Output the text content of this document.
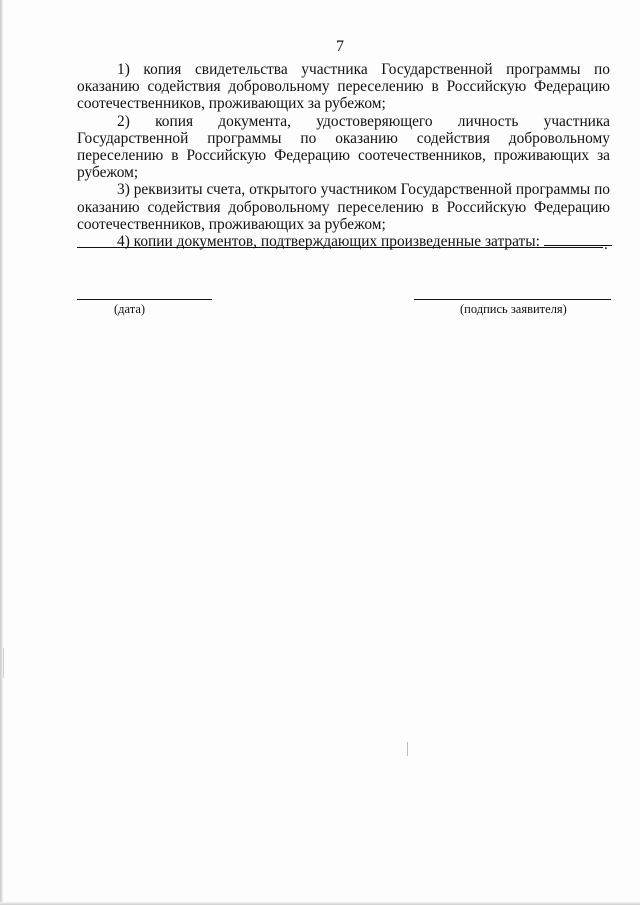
7

1) копия свидетельства участника Государственной программы по оказанию содействия добровольному переселению в Российскую Федерацию соотечественников, проживающих за рубежом;

2) копия документа, удостоверяющего личность участника Государственной программы по оказанию содействия добровольному переселению в Российскую Федерацию соотечественников, проживающих за рубежом;

3) реквизиты счета, открытого участником Государственной программы по оказанию содействия добровольному переселению в Российскую Федерацию соотечественников, проживающих за рубежом;

4) копии документов, подтверждающих произведенные затраты:	.
(дата)	(подпись заявителя)
